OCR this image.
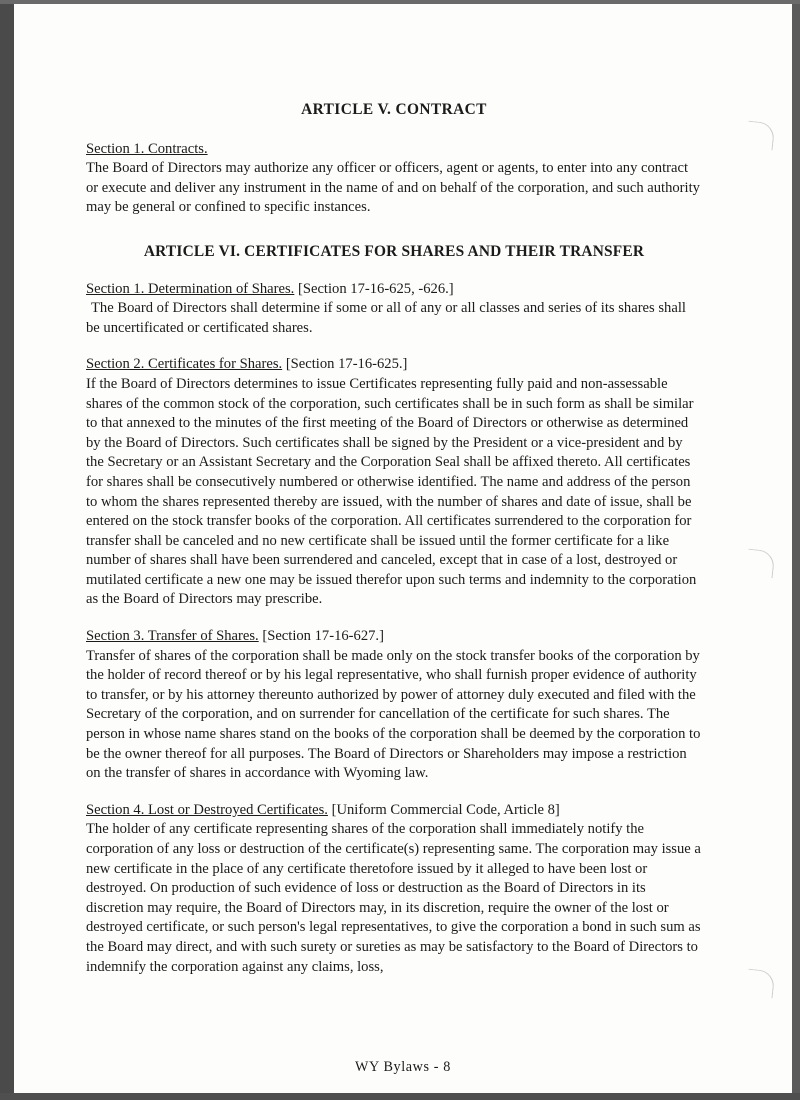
ARTICLE V. CONTRACT

Section 1. Contracts.
The Board of Directors may authorize any officer or officers, agent or agents, to enter into any contract or execute and deliver any instrument in the name of and on behalf of the corporation, and such authority may be general or confined to specific instances.

ARTICLE VI. CERTIFICATES FOR SHARES AND THEIR TRANSFER

Section 1. Determination of Shares. [Section 17-16-625, -626.]
The Board of Directors shall determine if some or all of any or all classes and series of its shares shall be uncertificated or certificated shares.

Section 2. Certificates for Shares. [Section 17-16-625.]
If the Board of Directors determines to issue Certificates representing fully paid and non-assessable shares of the common stock of the corporation, such certificates shall be in such form as shall be similar to that annexed to the minutes of the first meeting of the Board of Directors or otherwise as determined by the Board of Directors. Such certificates shall be signed by the President or a vice-president and by the Secretary or an Assistant Secretary and the Corporation Seal shall be affixed thereto. All certificates for shares shall be consecutively numbered or otherwise identified. The name and address of the person to whom the shares represented thereby are issued, with the number of shares and date of issue, shall be entered on the stock transfer books of the corporation. All certificates surrendered to the corporation for transfer shall be canceled and no new certificate shall be issued until the former certificate for a like number of shares shall have been surrendered and canceled, except that in case of a lost, destroyed or mutilated certificate a new one may be issued therefor upon such terms and indemnity to the corporation as the Board of Directors may prescribe.

Section 3. Transfer of Shares. [Section 17-16-627.]
Transfer of shares of the corporation shall be made only on the stock transfer books of the corporation by the holder of record thereof or by his legal representative, who shall furnish proper evidence of authority to transfer, or by his attorney thereunto authorized by power of attorney duly executed and filed with the Secretary of the corporation, and on surrender for cancellation of the certificate for such shares. The person in whose name shares stand on the books of the corporation shall be deemed by the corporation to be the owner thereof for all purposes. The Board of Directors or Shareholders may impose a restriction on the transfer of shares in accordance with Wyoming law.

Section 4. Lost or Destroyed Certificates. [Uniform Commercial Code, Article 8]
The holder of any certificate representing shares of the corporation shall immediately notify the corporation of any loss or destruction of the certificate(s) representing same. The corporation may issue a new certificate in the place of any certificate theretofore issued by it alleged to have been lost or destroyed. On production of such evidence of loss or destruction as the Board of Directors in its discretion may require, the Board of Directors may, in its discretion, require the owner of the lost or destroyed certificate, or such person's legal representatives, to give the corporation a bond in such sum as the Board may direct, and with such surety or sureties as may be satisfactory to the Board of Directors to indemnify the corporation against any claims, loss,

WY Bylaws - 8
